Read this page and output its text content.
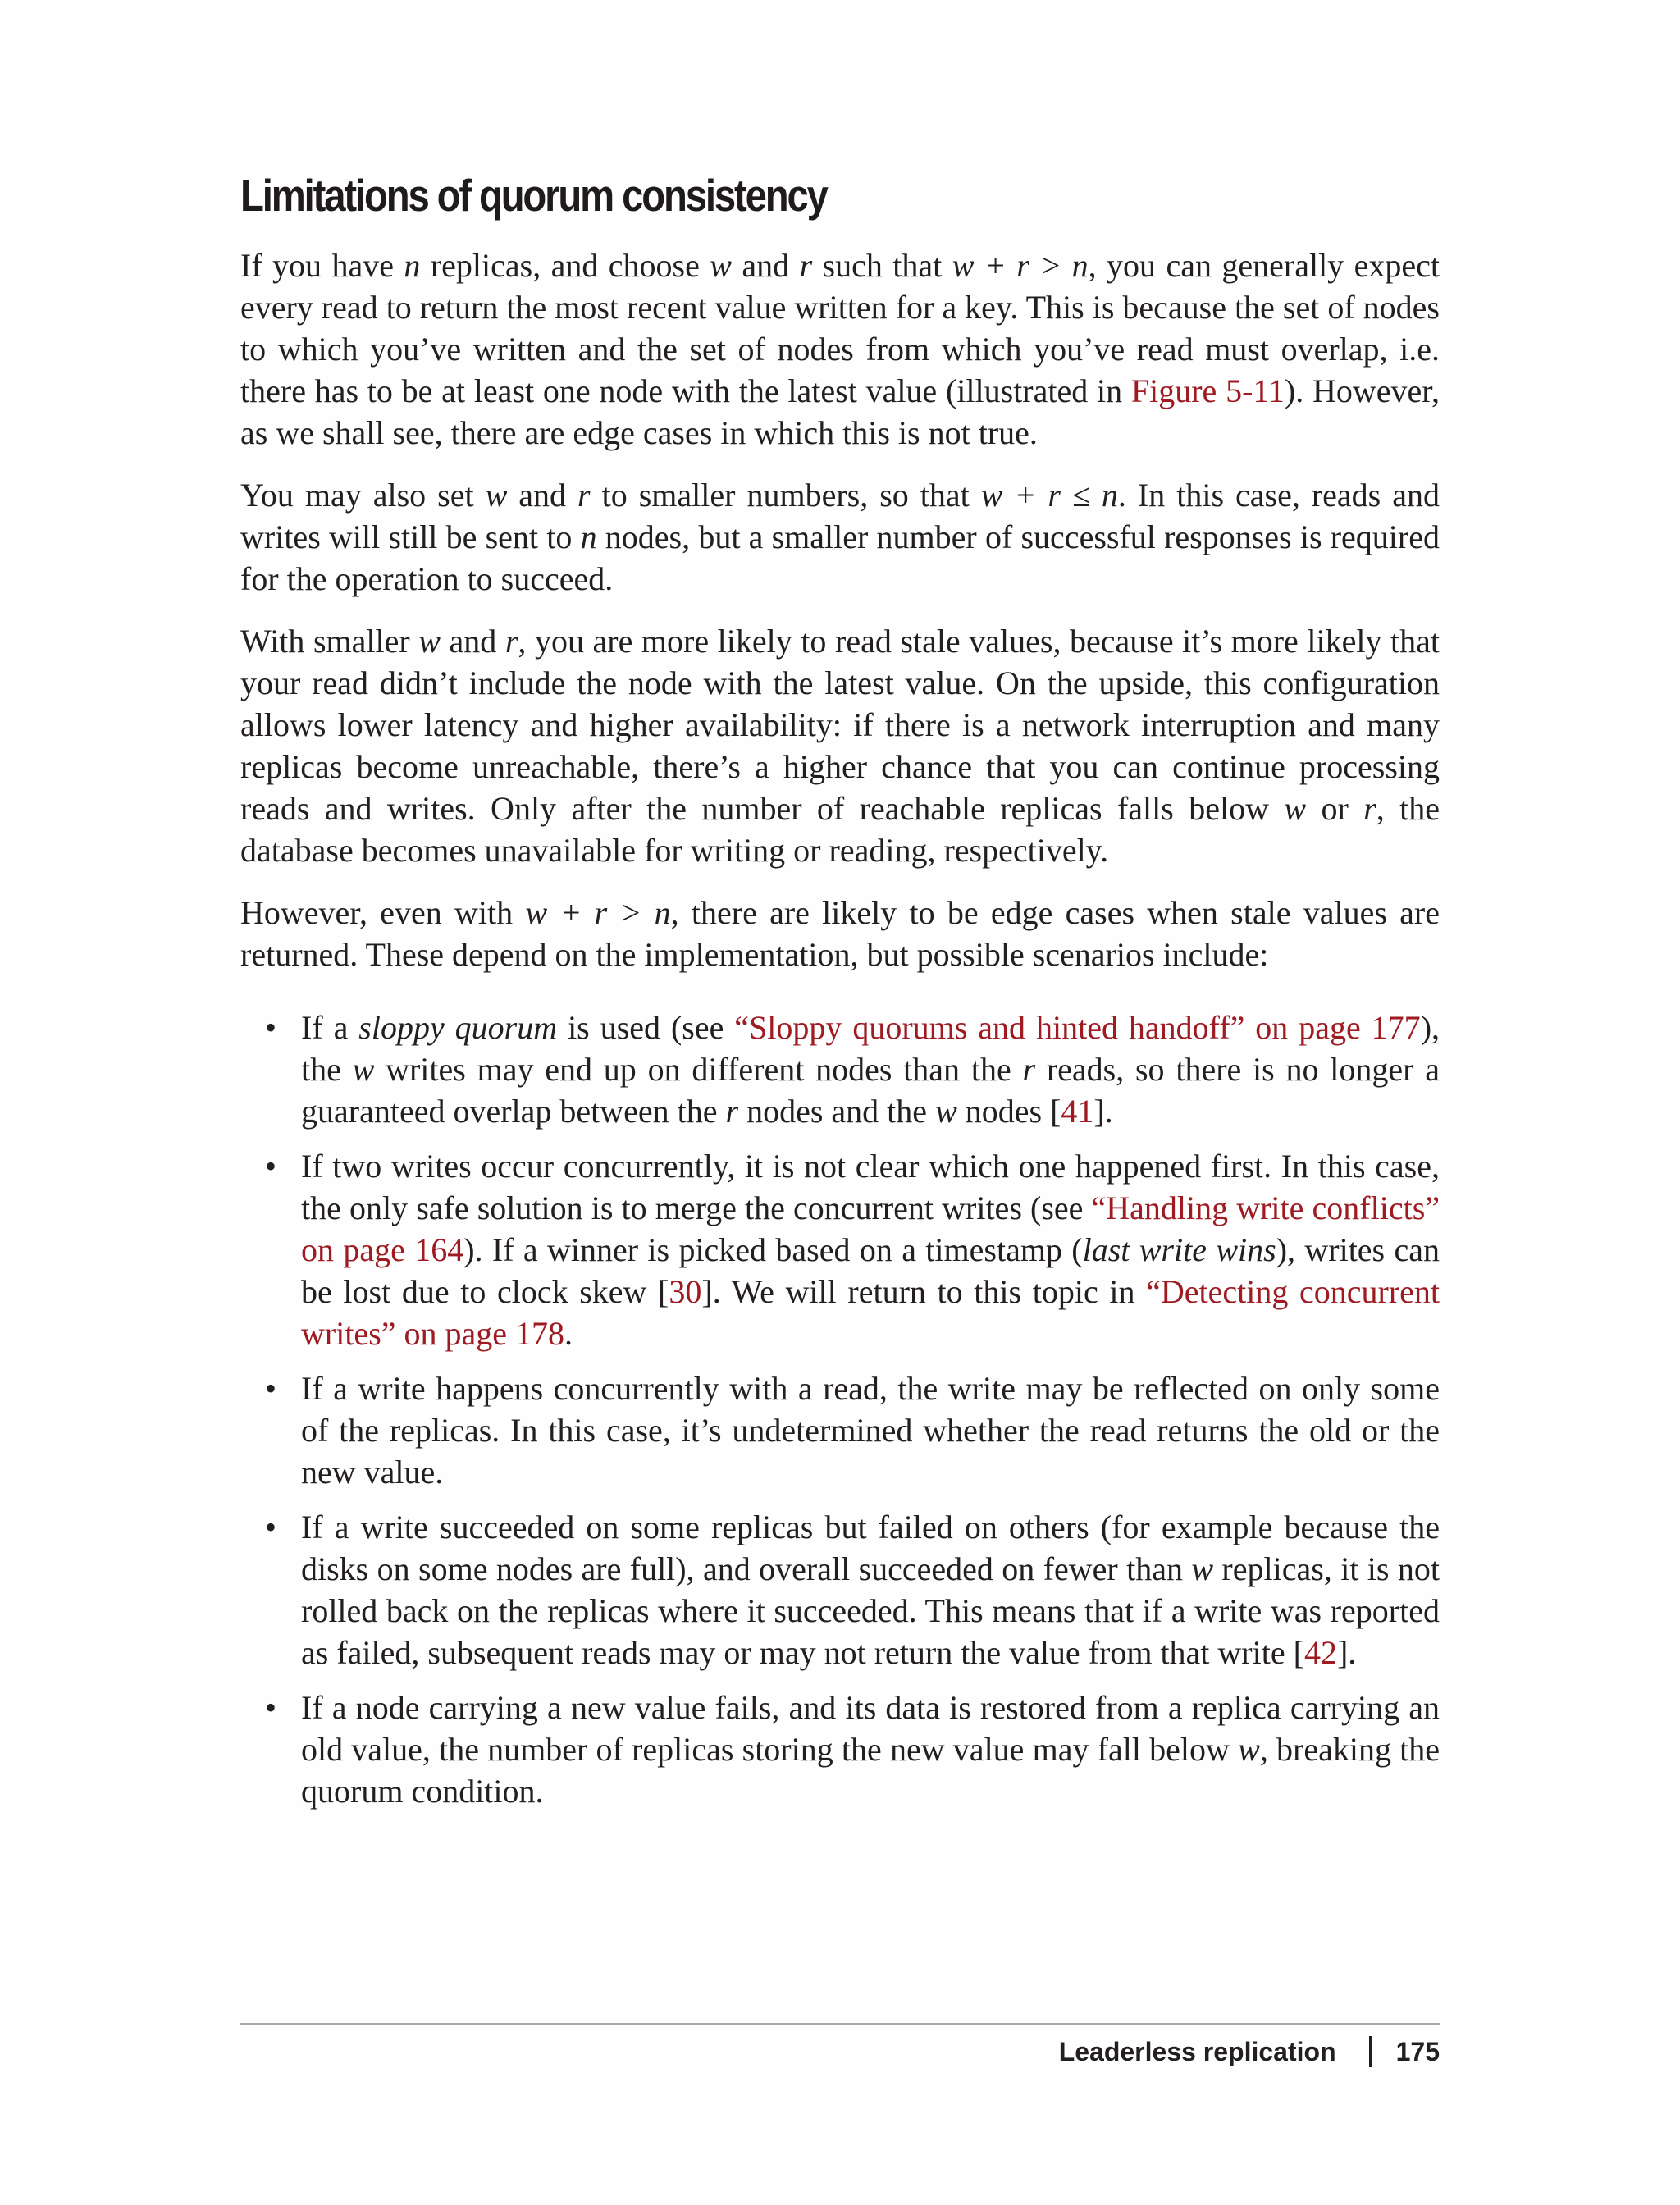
Limitations of quorum consistency

If you have n replicas, and choose w and r such that w + r > n, you can generally expect every read to return the most recent value written for a key. This is because the set of nodes to which you’ve written and the set of nodes from which you’ve read must overlap, i.e. there has to be at least one node with the latest value (illustrated in Figure 5-11). However, as we shall see, there are edge cases in which this is not true.

You may also set w and r to smaller numbers, so that w + r ≤ n. In this case, reads and writes will still be sent to n nodes, but a smaller number of successful responses is required for the operation to succeed.

With smaller w and r, you are more likely to read stale values, because it’s more likely that your read didn’t include the node with the latest value. On the upside, this configuration allows lower latency and higher availability: if there is a network interruption and many replicas become unreachable, there’s a higher chance that you can continue processing reads and writes. Only after the number of reachable replicas falls below w or r, the database becomes unavailable for writing or reading, respectively.

However, even with w + r > n, there are likely to be edge cases when stale values are returned. These depend on the implementation, but possible scenarios include:

• If a sloppy quorum is used (see “Sloppy quorums and hinted handoff” on page 177), the w writes may end up on different nodes than the r reads, so there is no longer a guaranteed overlap between the r nodes and the w nodes [41].
• If two writes occur concurrently, it is not clear which one happened first. In this case, the only safe solution is to merge the concurrent writes (see “Handling write conflicts” on page 164). If a winner is picked based on a timestamp (last write wins), writes can be lost due to clock skew [30]. We will return to this topic in “Detecting concurrent writes” on page 178.
• If a write happens concurrently with a read, the write may be reflected on only some of the replicas. In this case, it’s undetermined whether the read returns the old or the new value.
• If a write succeeded on some replicas but failed on others (for example because the disks on some nodes are full), and overall succeeded on fewer than w replicas, it is not rolled back on the replicas where it succeeded. This means that if a write was reported as failed, subsequent reads may or may not return the value from that write [42].
• If a node carrying a new value fails, and its data is restored from a replica carrying an old value, the number of replicas storing the new value may fall below w, breaking the quorum condition.
Leaderless replication 175
